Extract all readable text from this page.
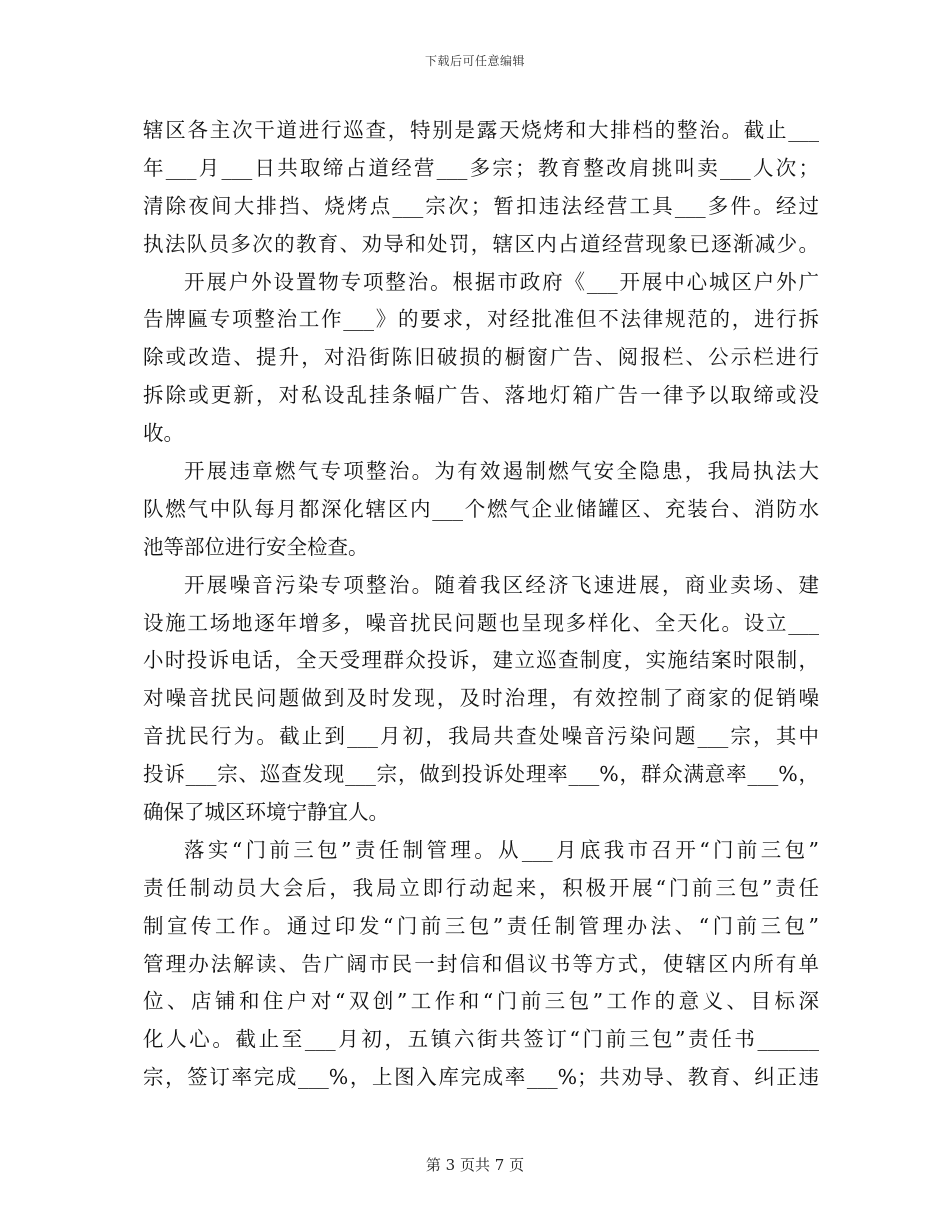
下载后可任意编辑
辖区各主次干道进行巡查，特别是露天烧烤和大排档的整治。截止___
年___月___日共取缔占道经营___多宗；教育整改肩挑叫卖___人次；
清除夜间大排挡、烧烤点___宗次；暂扣违法经营工具___多件。经过
执法队员多次的教育、劝导和处罚，辖区内占道经营现象已逐渐减少。
开展户外设置物专项整治。根据市政府《___开展中心城区户外广
告牌匾专项整治工作___》的要求，对经批准但不法律规范的，进行拆
除或改造、提升，对沿街陈旧破损的橱窗广告、阅报栏、公示栏进行
拆除或更新，对私设乱挂条幅广告、落地灯箱广告一律予以取缔或没
收。
开展违章燃气专项整治。为有效遏制燃气安全隐患，我局执法大
队燃气中队每月都深化辖区内___个燃气企业储罐区、充装台、消防水
池等部位进行安全检查。
开展噪音污染专项整治。随着我区经济飞速进展，商业卖场、建
设施工场地逐年增多，噪音扰民问题也呈现多样化、全天化。设立___
小时投诉电话，全天受理群众投诉，建立巡查制度，实施结案时限制，
对噪音扰民问题做到及时发现，及时治理，有效控制了商家的促销噪
音扰民行为。截止到___月初，我局共查处噪音污染问题___宗，其中
投诉___宗、巡查发现___宗，做到投诉处理率___%，群众满意率___%，
确保了城区环境宁静宜人。
落实“门前三包”责任制管理。从___月底我市召开“门前三包”
责任制动员大会后，我局立即行动起来，积极开展“门前三包”责任
制宣传工作。通过印发“门前三包”责任制管理办法、“门前三包”
管理办法解读、告广阔市民一封信和倡议书等方式，使辖区内所有单
位、店铺和住户对“双创”工作和“门前三包”工作的意义、目标深
化人心。截止至___月初，五镇六街共签订“门前三包”责任书______
宗，签订率完成___%，上图入库完成率___%；共劝导、教育、纠正违
第 3 页共 7 页
